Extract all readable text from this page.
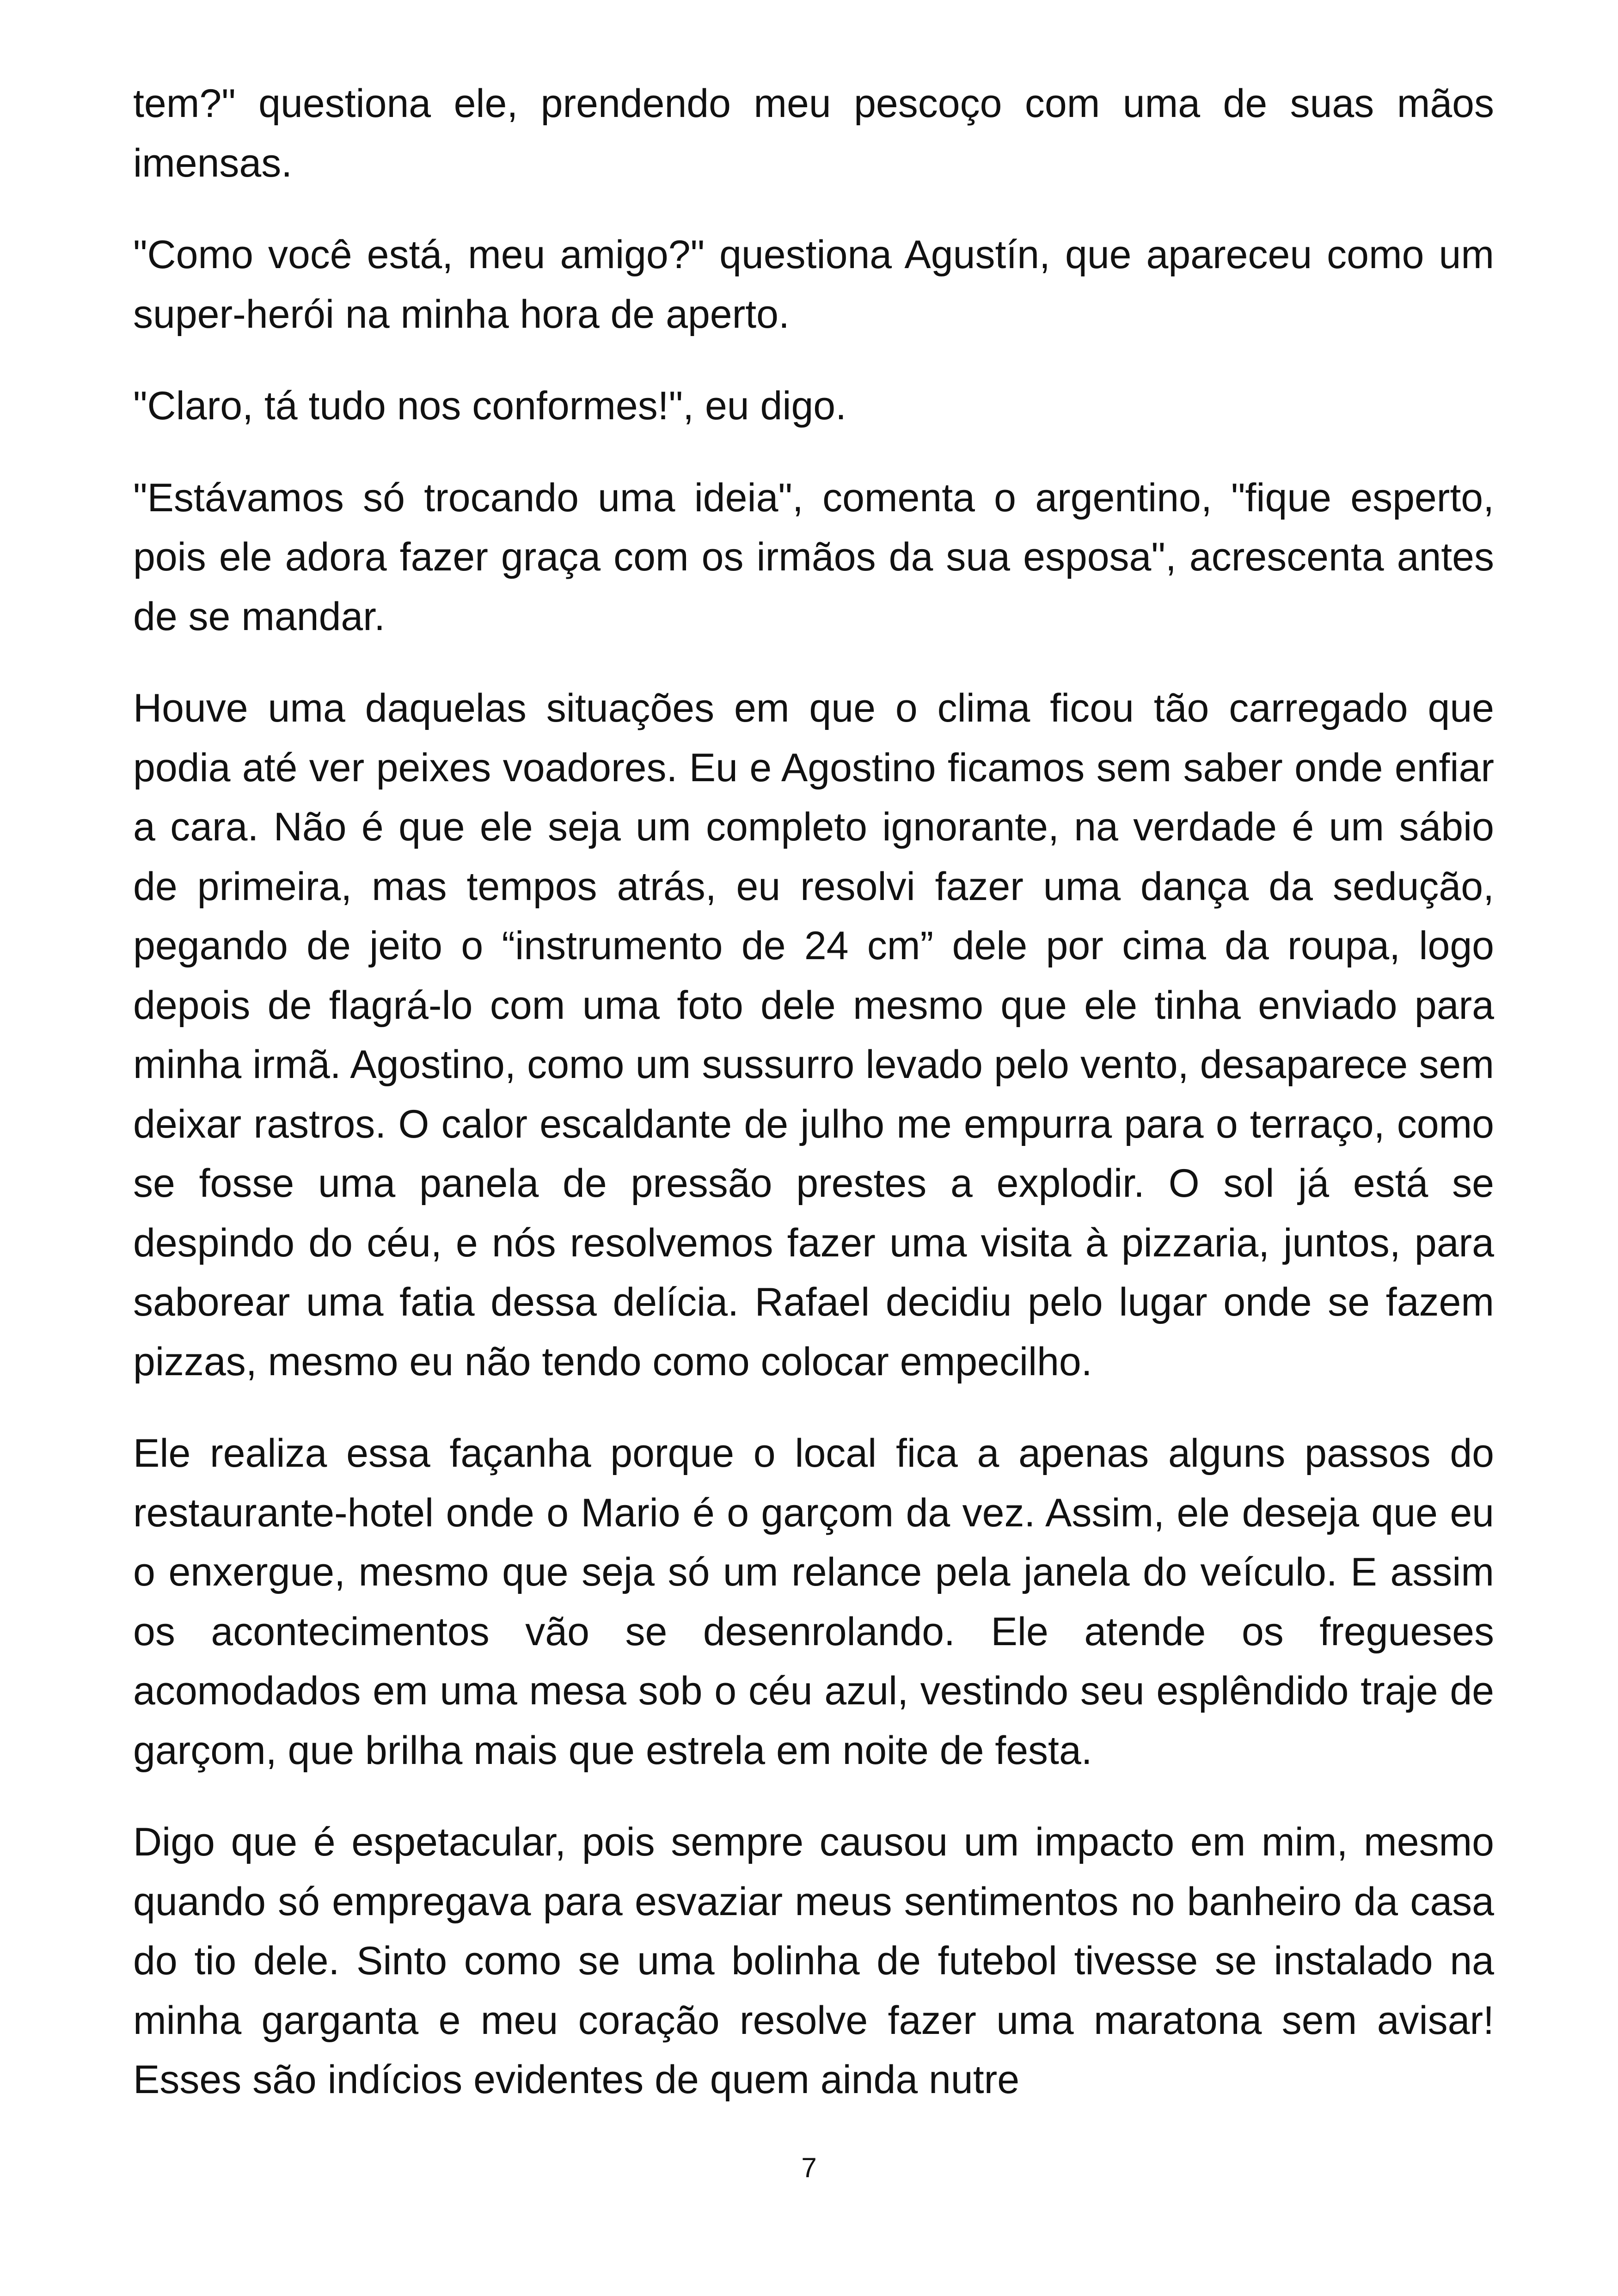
tem?" questiona ele, prendendo meu pescoço com uma de suas mãos imensas.

"Como você está, meu amigo?" questiona Agustín, que apareceu como um super-herói na minha hora de aperto.

"Claro, tá tudo nos conformes!", eu digo.

"Estávamos só trocando uma ideia", comenta o argentino, "fique esperto, pois ele adora fazer graça com os irmãos da sua esposa", acrescenta antes de se mandar.

Houve uma daquelas situações em que o clima ficou tão carregado que podia até ver peixes voadores. Eu e Agostino ficamos sem saber onde enfiar a cara. Não é que ele seja um completo ignorante, na verdade é um sábio de primeira, mas tempos atrás, eu resolvi fazer uma dança da sedução, pegando de jeito o “instrumento de 24 cm” dele por cima da roupa, logo depois de flagrá-lo com uma foto dele mesmo que ele tinha enviado para minha irmã. Agostino, como um sussurro levado pelo vento, desaparece sem deixar rastros. O calor escaldante de julho me empurra para o terraço, como se fosse uma panela de pressão prestes a explodir. O sol já está se despindo do céu, e nós resolvemos fazer uma visita à pizzaria, juntos, para saborear uma fatia dessa delícia. Rafael decidiu pelo lugar onde se fazem pizzas, mesmo eu não tendo como colocar empecilho.

Ele realiza essa façanha porque o local fica a apenas alguns passos do restaurante-hotel onde o Mario é o garçom da vez. Assim, ele deseja que eu o enxergue, mesmo que seja só um relance pela janela do veículo. E assim os acontecimentos vão se desenrolando. Ele atende os fregueses acomodados em uma mesa sob o céu azul, vestindo seu esplêndido traje de garçom, que brilha mais que estrela em noite de festa.

Digo que é espetacular, pois sempre causou um impacto em mim, mesmo quando só empregava para esvaziar meus sentimentos no banheiro da casa do tio dele. Sinto como se uma bolinha de futebol tivesse se instalado na minha garganta e meu coração resolve fazer uma maratona sem avisar! Esses são indícios evidentes de quem ainda nutre

7
